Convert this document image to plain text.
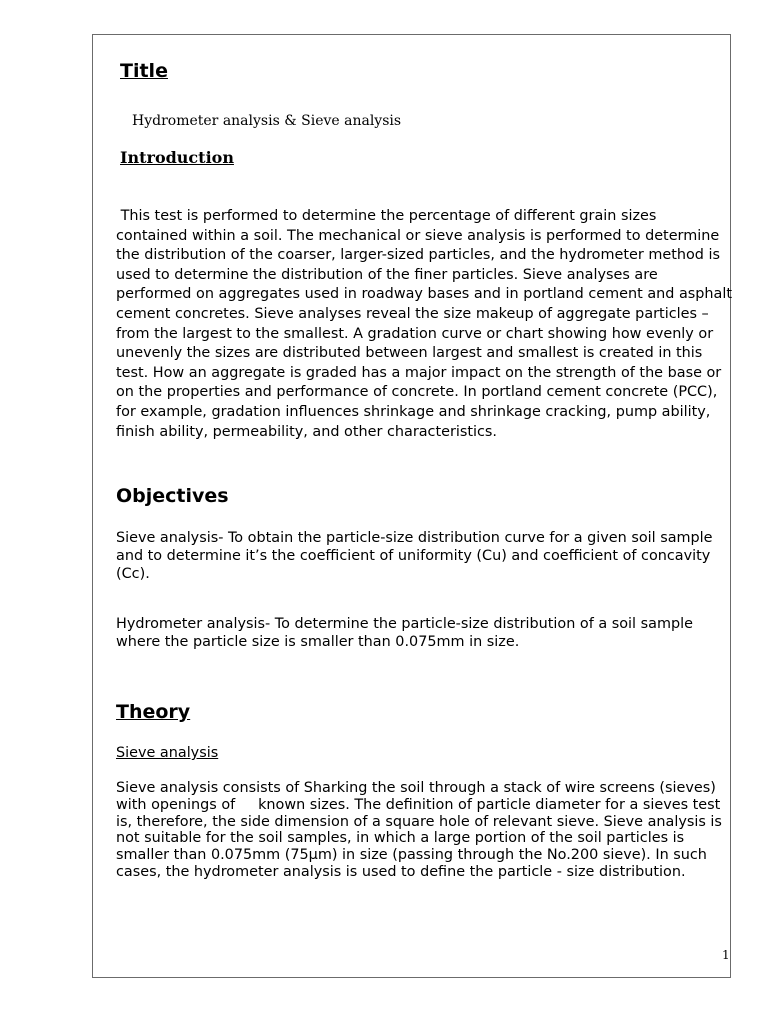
Title

Hydrometer analysis & Sieve analysis

Introduction

This test is performed to determine the percentage of different grain sizes contained within a soil. The mechanical or sieve analysis is performed to determine the distribution of the coarser, larger-sized particles, and the hydrometer method is used to determine the distribution of the finer particles. Sieve analyses are performed on aggregates used in roadway bases and in portland cement and asphalt cement concretes. Sieve analyses reveal the size makeup of aggregate particles – from the largest to the smallest. A gradation curve or chart showing how evenly or unevenly the sizes are distributed between largest and smallest is created in this test. How an aggregate is graded has a major impact on the strength of the base or on the properties and performance of concrete. In portland cement concrete (PCC), for example, gradation influences shrinkage and shrinkage cracking, pump ability, finish ability, permeability, and other characteristics.

Objectives

Sieve analysis- To obtain the particle-size distribution curve for a given soil sample and to determine it’s the coefficient of uniformity (Cu) and coefficient of concavity (Cc).

Hydrometer analysis- To determine the particle-size distribution of a soil sample where the particle size is smaller than 0.075mm in size.

Theory
Sieve analysis

Sieve analysis consists of Sharking the soil through a stack of wire screens (sieves) with openings of     known sizes. The definition of particle diameter for a sieves test is, therefore, the side dimension of a square hole of relevant sieve. Sieve analysis is not suitable for the soil samples, in which a large portion of the soil particles is smaller than 0.075mm (75µm) in size (passing through the No.200 sieve). In such cases, the hydrometer analysis is used to define the particle - size distribution.

1
